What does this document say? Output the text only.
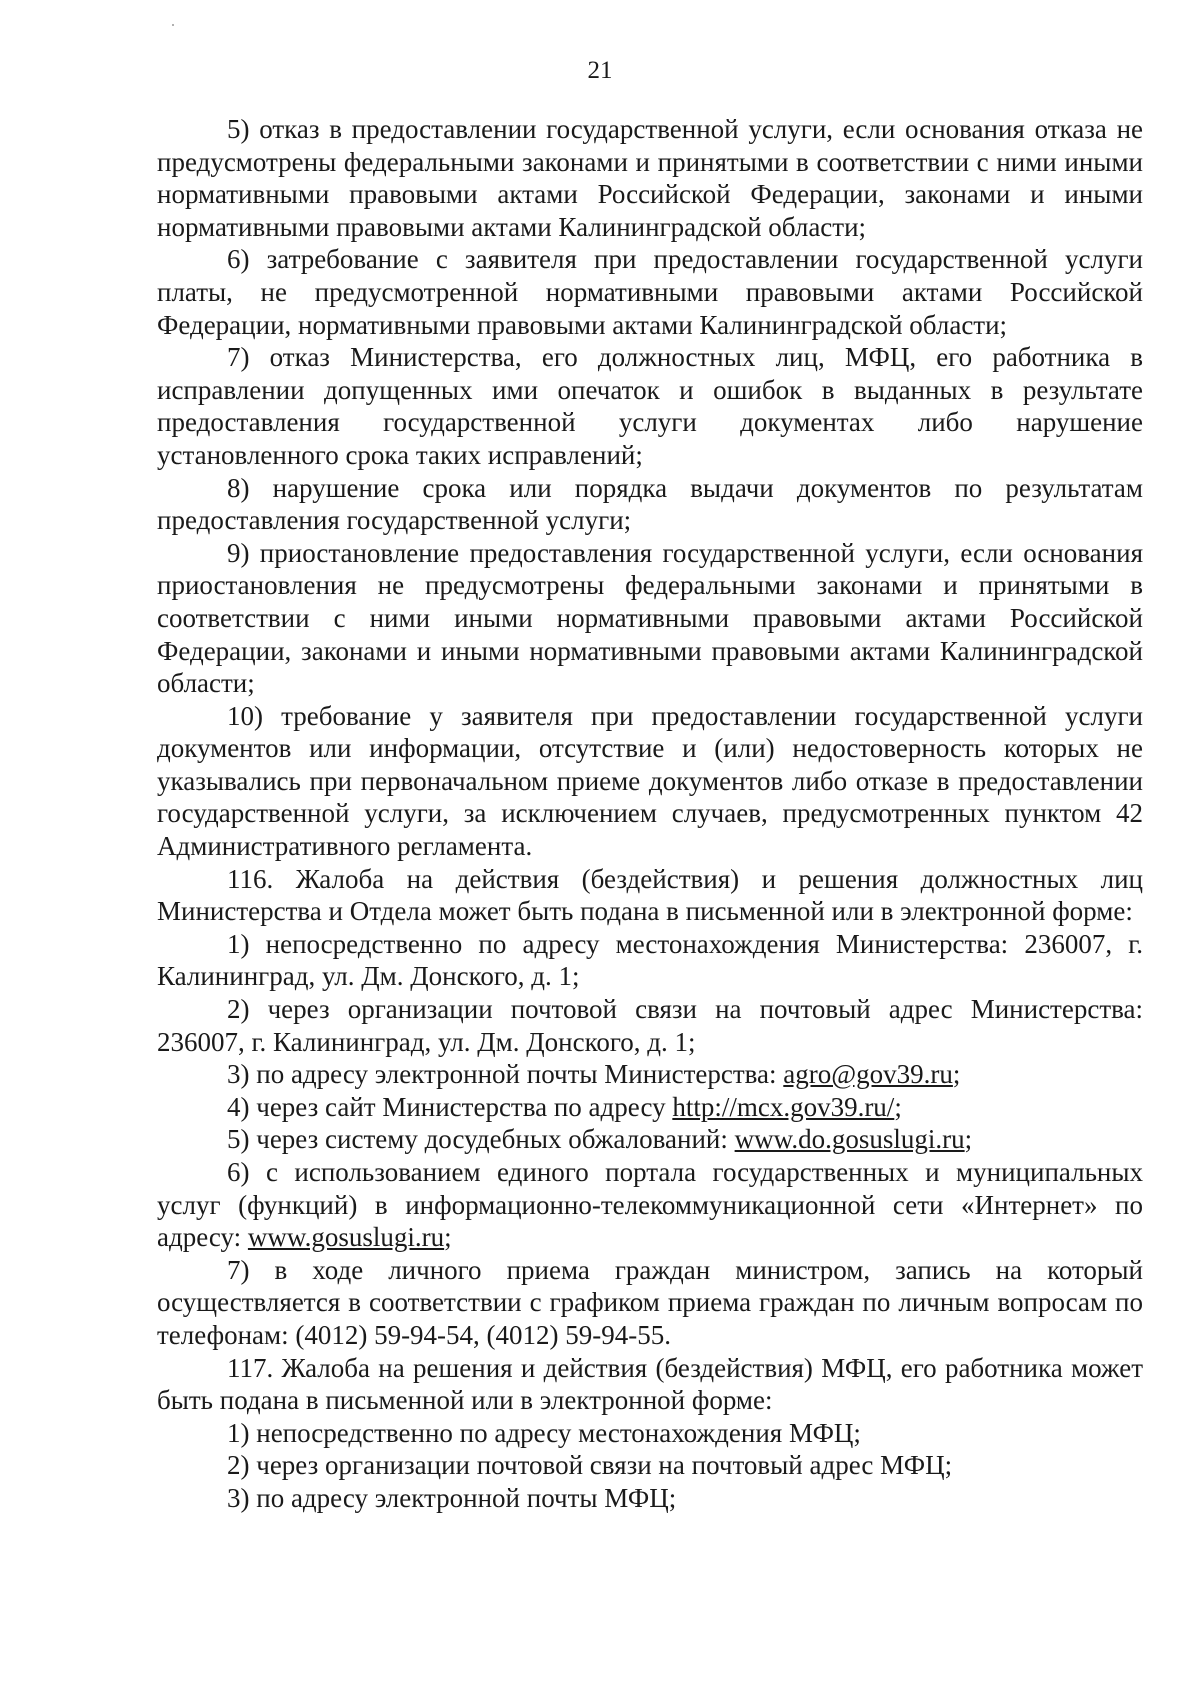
21

5) отказ в предоставлении государственной услуги, если основания отказа не предусмотрены федеральными законами и принятыми в соответствии с ними иными нормативными правовыми актами Российской Федерации, законами и иными нормативными правовыми актами Калининградской области;

6) затребование с заявителя при предоставлении государственной услуги платы, не предусмотренной нормативными правовыми актами Российской Федерации, нормативными правовыми актами Калининградской области;

7) отказ Министерства, его должностных лиц, МФЦ, его работника в исправлении допущенных ими опечаток и ошибок в выданных в результате предоставления государственной услуги документах либо нарушение установленного срока таких исправлений;

8) нарушение срока или порядка выдачи документов по результатам предоставления государственной услуги;

9) приостановление предоставления государственной услуги, если основания приостановления не предусмотрены федеральными законами и принятыми в соответствии с ними иными нормативными правовыми актами Российской Федерации, законами и иными нормативными правовыми актами Калининградской области;

10) требование у заявителя при предоставлении государственной услуги документов или информации, отсутствие и (или) недостоверность которых не указывались при первоначальном приеме документов либо отказе в предоставлении государственной услуги, за исключением случаев, предусмотренных пунктом 42 Административного регламента.

116. Жалоба на действия (бездействия) и решения должностных лиц Министерства и Отдела может быть подана в письменной или в электронной форме:

1) непосредственно по адресу местонахождения Министерства: 236007, г. Калининград, ул. Дм. Донского, д. 1;

2) через организации почтовой связи на почтовый адрес Министерства: 236007, г. Калининград, ул. Дм. Донского, д. 1;

3) по адресу электронной почты Министерства: agro@gov39.ru;

4) через сайт Министерства по адресу http://mcx.gov39.ru/;

5) через систему досудебных обжалований: www.do.gosuslugi.ru;

6) с использованием единого портала государственных и муниципальных услуг (функций) в информационно-телекоммуникационной сети «Интернет» по адресу: www.gosuslugi.ru;

7) в ходе личного приема граждан министром, запись на который осуществляется в соответствии с графиком приема граждан по личным вопросам по телефонам: (4012) 59-94-54, (4012) 59-94-55.

117. Жалоба на решения и действия (бездействия) МФЦ, его работника может быть подана в письменной или в электронной форме:

1) непосредственно по адресу местонахождения МФЦ;

2) через организации почтовой связи на почтовый адрес МФЦ;

3) по адресу электронной почты МФЦ;
